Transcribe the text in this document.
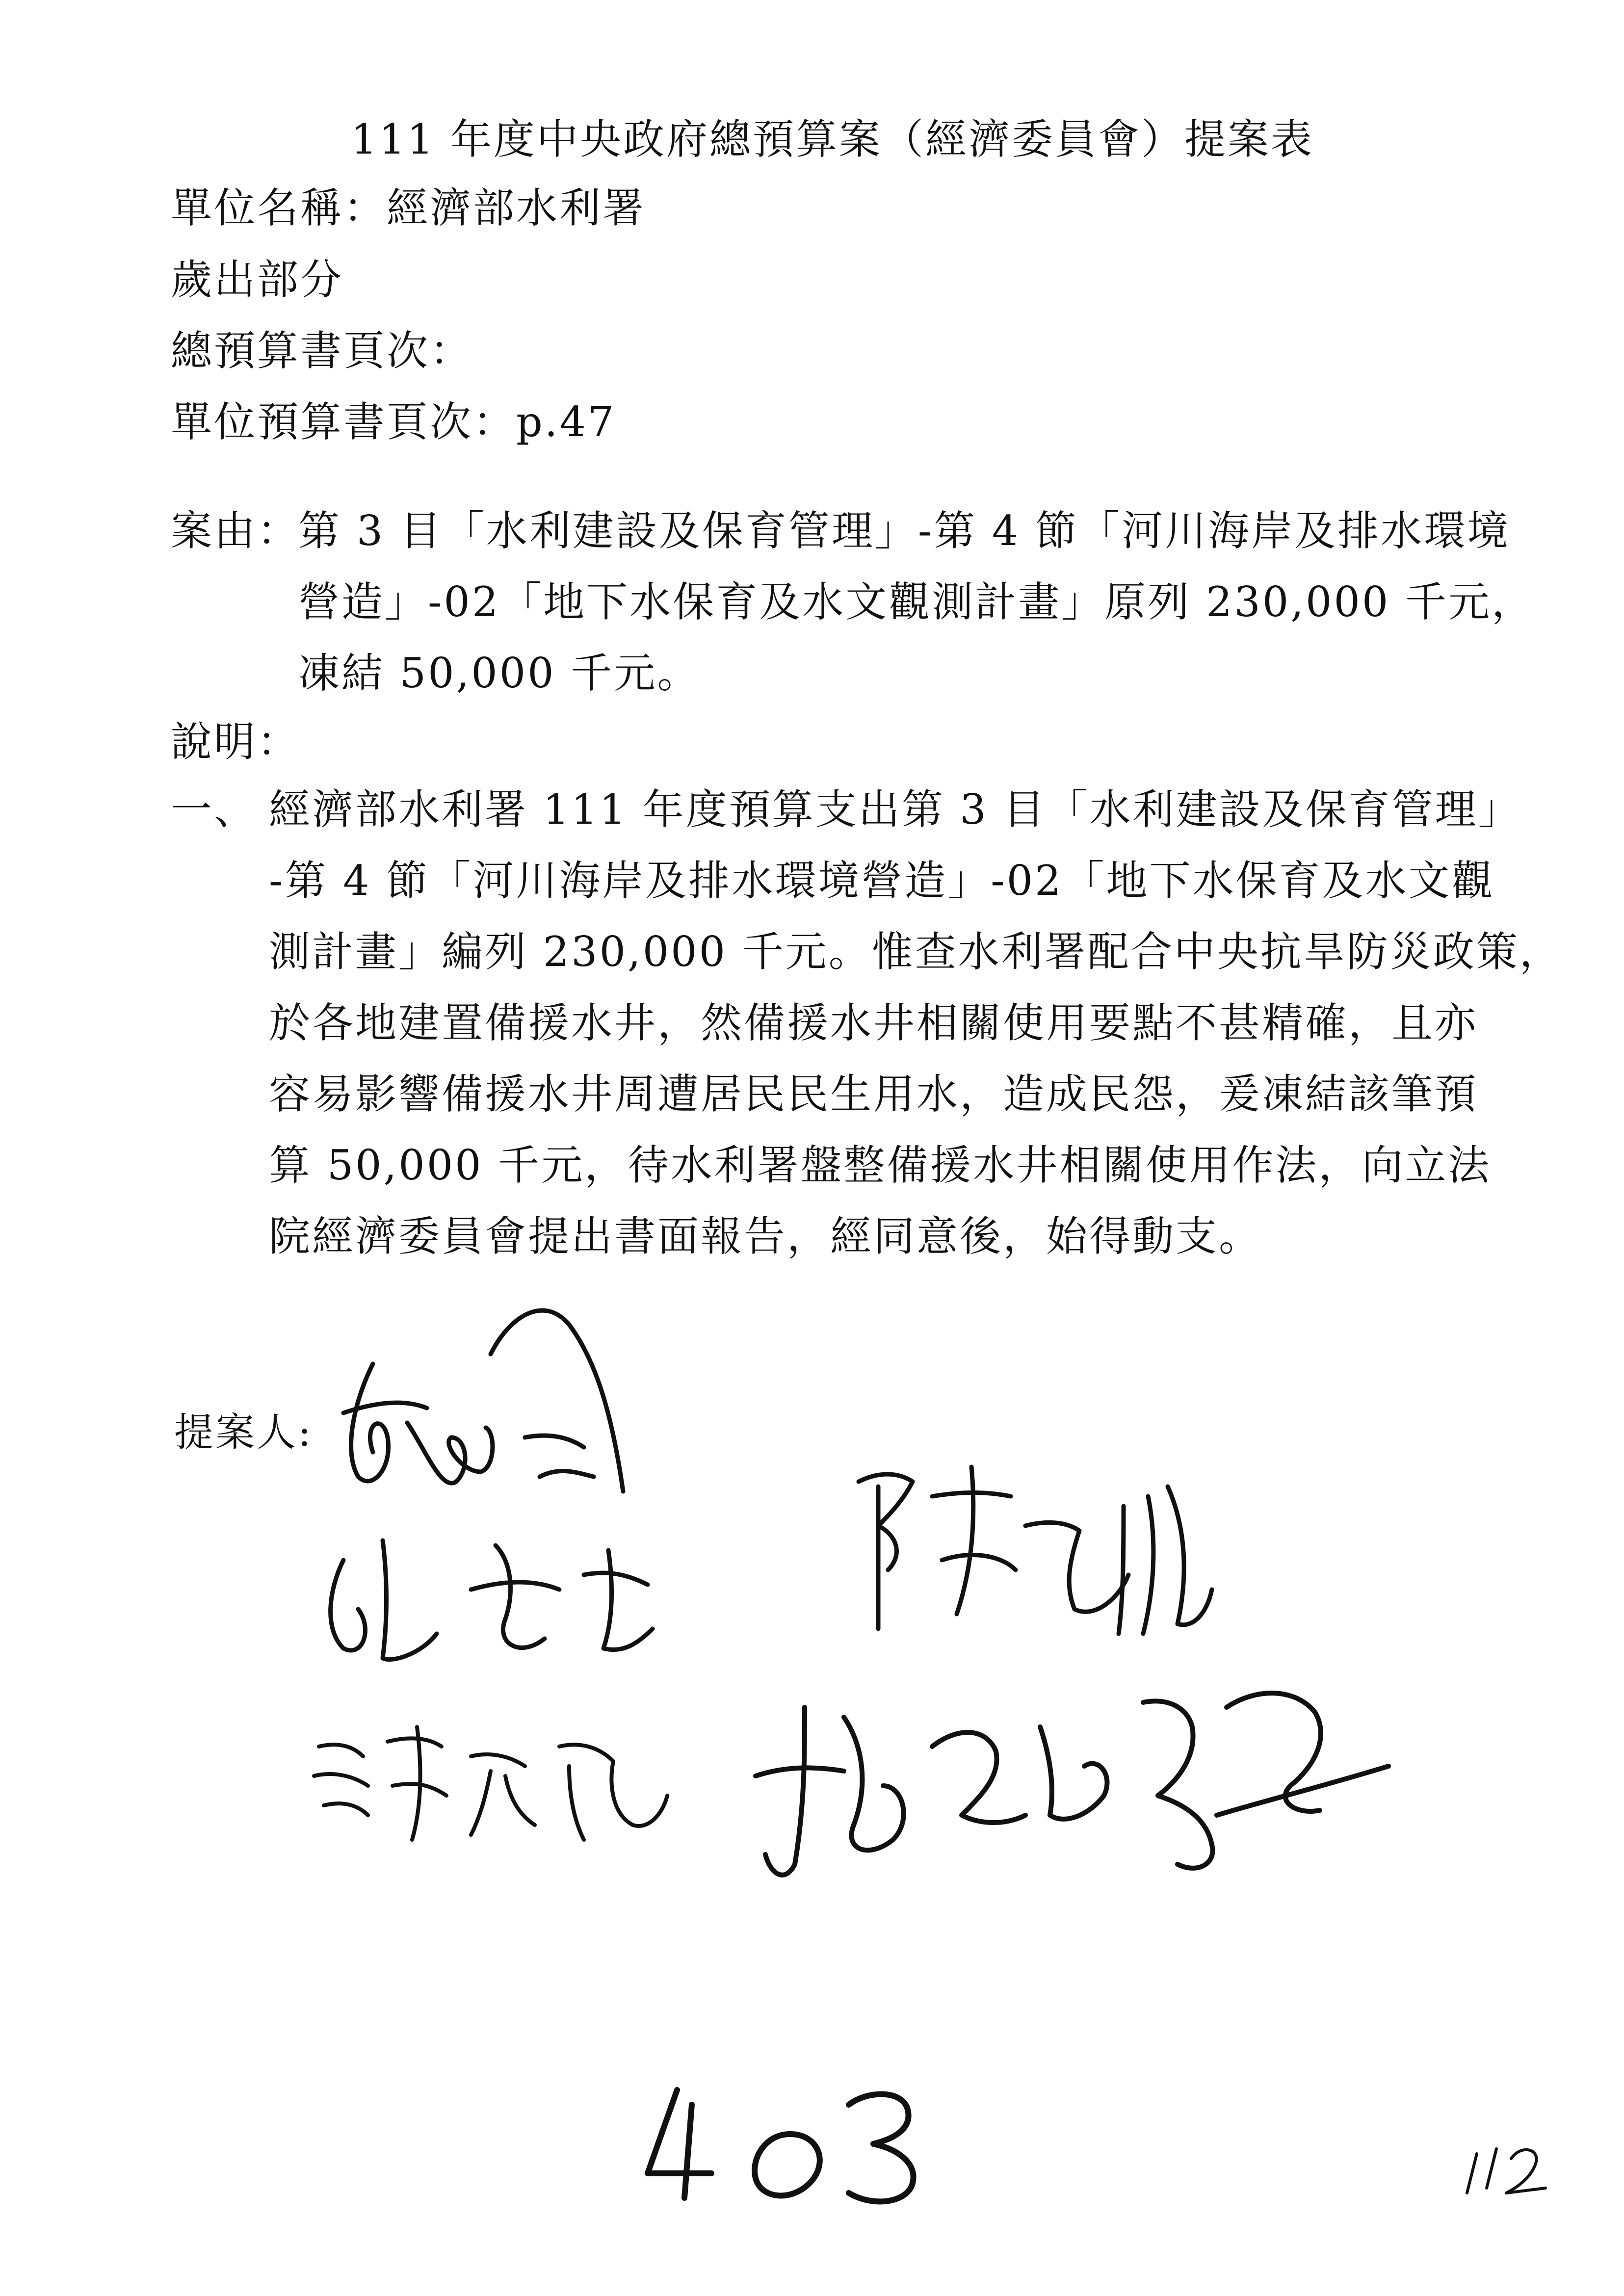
111 年度中央政府總預算案（經濟委員會）提案表
單位名稱：經濟部水利署
歲出部分
總預算書頁次：
單位預算書頁次：p.47
案由：
第 3 目「水利建設及保育管理」-第 4 節「河川海岸及排水環境
營造」-02「地下水保育及水文觀測計畫」原列 230,000 千元，
凍結 50,000 千元。
說明：
一、 經濟部水利署 111 年度預算支出第 3 目「水利建設及保育管理」
-第 4 節「河川海岸及排水環境營造」-02「地下水保育及水文觀
測計畫」編列 230,000 千元。惟查水利署配合中央抗旱防災政策，
於各地建置備援水井，然備援水井相關使用要點不甚精確，且亦
容易影響備援水井周遭居民民生用水，造成民怨，爰凍結該筆預
算 50,000 千元，待水利署盤整備援水井相關使用作法，向立法
院經濟委員會提出書面報告，經同意後，始得動支。
提案人:
